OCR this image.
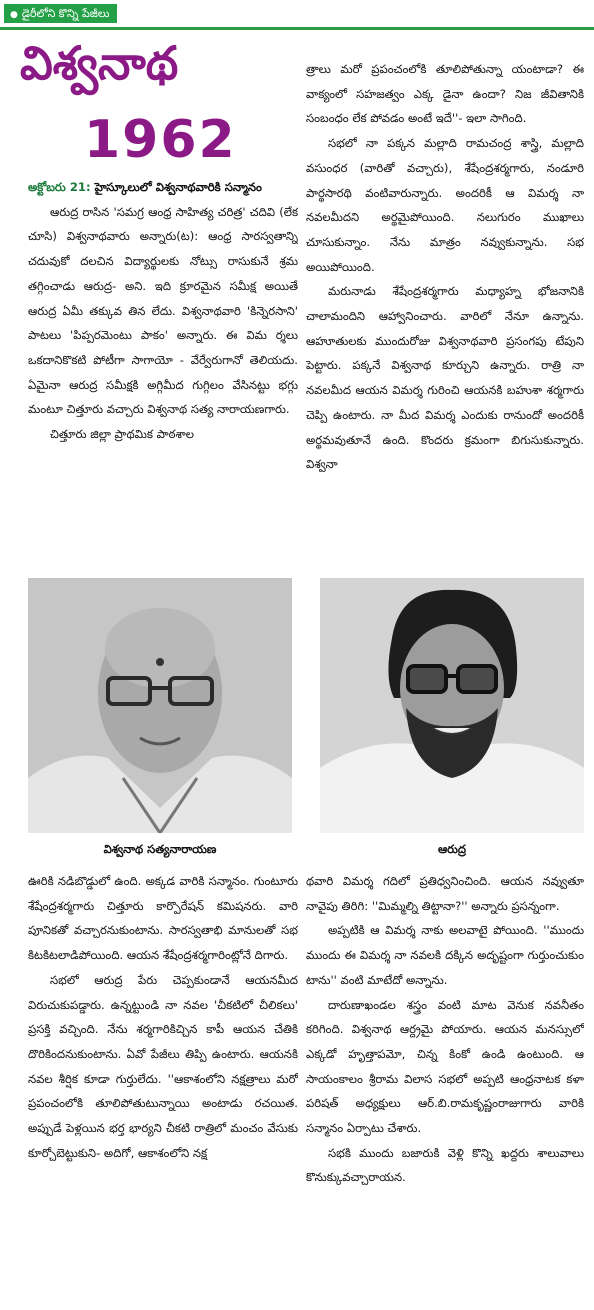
● డైరీలోని కొన్ని పేజీలు
విశ్వనాథ
1962

అక్టోబరు 21: హైస్కూలులో విశ్వనాథవారికి సన్మానం

ఆరుద్ర రాసిన 'సమగ్ర ఆంధ్ర సాహిత్య చరిత్ర' చదివి (లేక చూసి) విశ్వనాథవారు అన్నారు(ట): ఆంధ్ర సారస్వతాన్ని చదువుకో దలచిన విద్యార్థులకు నోట్సు రాసుకునే శ్రమ తగ్గించాడు ఆరుద్ర- అని. ఇది క్రూరమైన సమీక్ష అయితే ఆరుద్ర ఏమీ తక్కువ తిన లేదు. విశ్వనాథవారి 'కిన్నెరసాని' పాటలు 'పిప్పరమెంటు పాకం' అన్నారు. ఈ విమ ర్శలు ఒకదానికొకటి పోటీగా సాగాయో - వేర్వేరుగానో తెలియదు. ఏమైనా ఆరుద్ర సమీక్షకి అగ్గిమీద గుగ్గిలం వేసినట్టు భగ్గు మంటూ చిత్తూరు వచ్చారు విశ్వనాథ సత్య నారాయణగారు.

చిత్తూరు జిల్లా ప్రాథమిక పాఠశాల

త్రాలు మరో ప్రపంచంలోకి తూలిపోతున్నా యంటాడా? ఈ వాక్యంలో సహజత్వం ఎక్క డైనా ఉందా? నిజ జీవితానికి సంబంధం లేక పోవడం అంటే ఇదే''- ఇలా సాగింది.

సభలో నా పక్కన మల్లాది రామచంద్ర శాస్త్రి, మల్లాది వసుంధర (వారితో వచ్చారు), శేషేంద్రశర్మగారు, నండూరి పార్థసారథి వంటివారున్నారు. అందరికీ ఆ విమర్శ నా నవలమీదని అర్థమైపోయింది. నలుగురం ముఖాలు చూసుకున్నాం. నేను మాత్రం నవ్వుకున్నాను. సభ అయిపోయింది.

మరునాడు శేషేంద్రశర్మగారు మధ్యాహ్న భోజనానికి చాలామందిని ఆహ్వానించారు. వారిలో నేనూ ఉన్నాను. ఆహూతులకు ముందురోజు విశ్వనాథవారి ప్రసంగపు టేపుని పెట్టారు. పక్కనే విశ్వనాథ కూర్చుని ఉన్నారు. రాత్రి నా నవలమీద ఆయన విమర్శ గురించి ఆయనకి బహుశా శర్మగారు చెప్పి ఉంటారు. నా మీద విమర్శ ఎందుకు రానుందో అందరికీ అర్థమవుతూనే ఉంది. కొందరు క్రమంగా బిగుసుకున్నారు. విశ్వనా

విశ్వనాథ సత్యనారాయణ	ఆరుద్ర

ఊరికి నడిబొడ్డులో ఉంది. అక్కడ వారికి సన్మానం. గుంటూరు శేషేంద్రశర్మగారు చిత్తూరు కార్పొరేషన్ కమిషనరు. వారి పూనికతో వచ్చారనుకుంటాను. సారస్వతాభి మానులతో సభ కిటకిటలాడిపోయింది. ఆయన శేషేంద్రశర్మగారింట్లోనే దిగారు.

సభలో ఆరుద్ర పేరు చెప్పకుండానే ఆయనమీద విరుచుకుపడ్డారు. ఉన్నట్టుండి నా నవల 'చీకటిలో చీలికలు' ప్రసక్తి వచ్చింది. నేను శర్మగారికిచ్చిన కాపీ ఆయన చేతికి దొరికిందనుకుంటాను. ఏవో పేజీలు తిప్పి ఉంటారు. ఆయనకి నవల శీర్షిక కూడా గుర్తులేదు. ''ఆకాశంలోని నక్షత్రాలు మరో ప్రపంచంలోకి తూలిపోతుటున్నాయి అంటాడు రచయిత. అప్పుడే పెళ్లయిన భర్త భార్యని చీకటి రాత్రిలో మంచం వేసుకు కూర్చోబెట్టుకుని- అదిగో, ఆకాశంలోని నక్ష

థవారి విమర్శ గదిలో ప్రతిధ్వనించింది. ఆయన నవ్వుతూ నావైపు తిరిగి: ''మిమ్మల్ని తిట్టానా?'' అన్నారు ప్రసన్నంగా.

అప్పటికి ఆ విమర్శ నాకు అలవాటై పోయింది. ''ముందు ముందు ఈ విమర్శ నా నవలకి దక్కిన అదృష్టంగా గుర్తుంచుకుం టాను'' వంటి మాటేదో అన్నాను.

దారుణాఖండల శస్త్రం వంటి మాట వెనుక నవనీతం కరిగింది. విశ్వనాథ ఆర్ద్రమై పోయారు. ఆయన మనస్సులో ఎక్కడో హృత్తాపమో, చిన్న కింకో ఉండి ఉంటుంది. ఆ సాయంకాలం శ్రీరామ విలాస సభలో అప్పటి ఆంధ్రనాటక కళా పరిషత్ అధ్యక్షులు ఆర్.బి.రామకృష్ణంరాజుగారు వారికి సన్మానం ఏర్పాటు చేశారు.

సభకి ముందు బజారుకి వెళ్లి కొన్ని ఖద్దరు శాలువాలు కొనుక్కువచ్చారాయన.
